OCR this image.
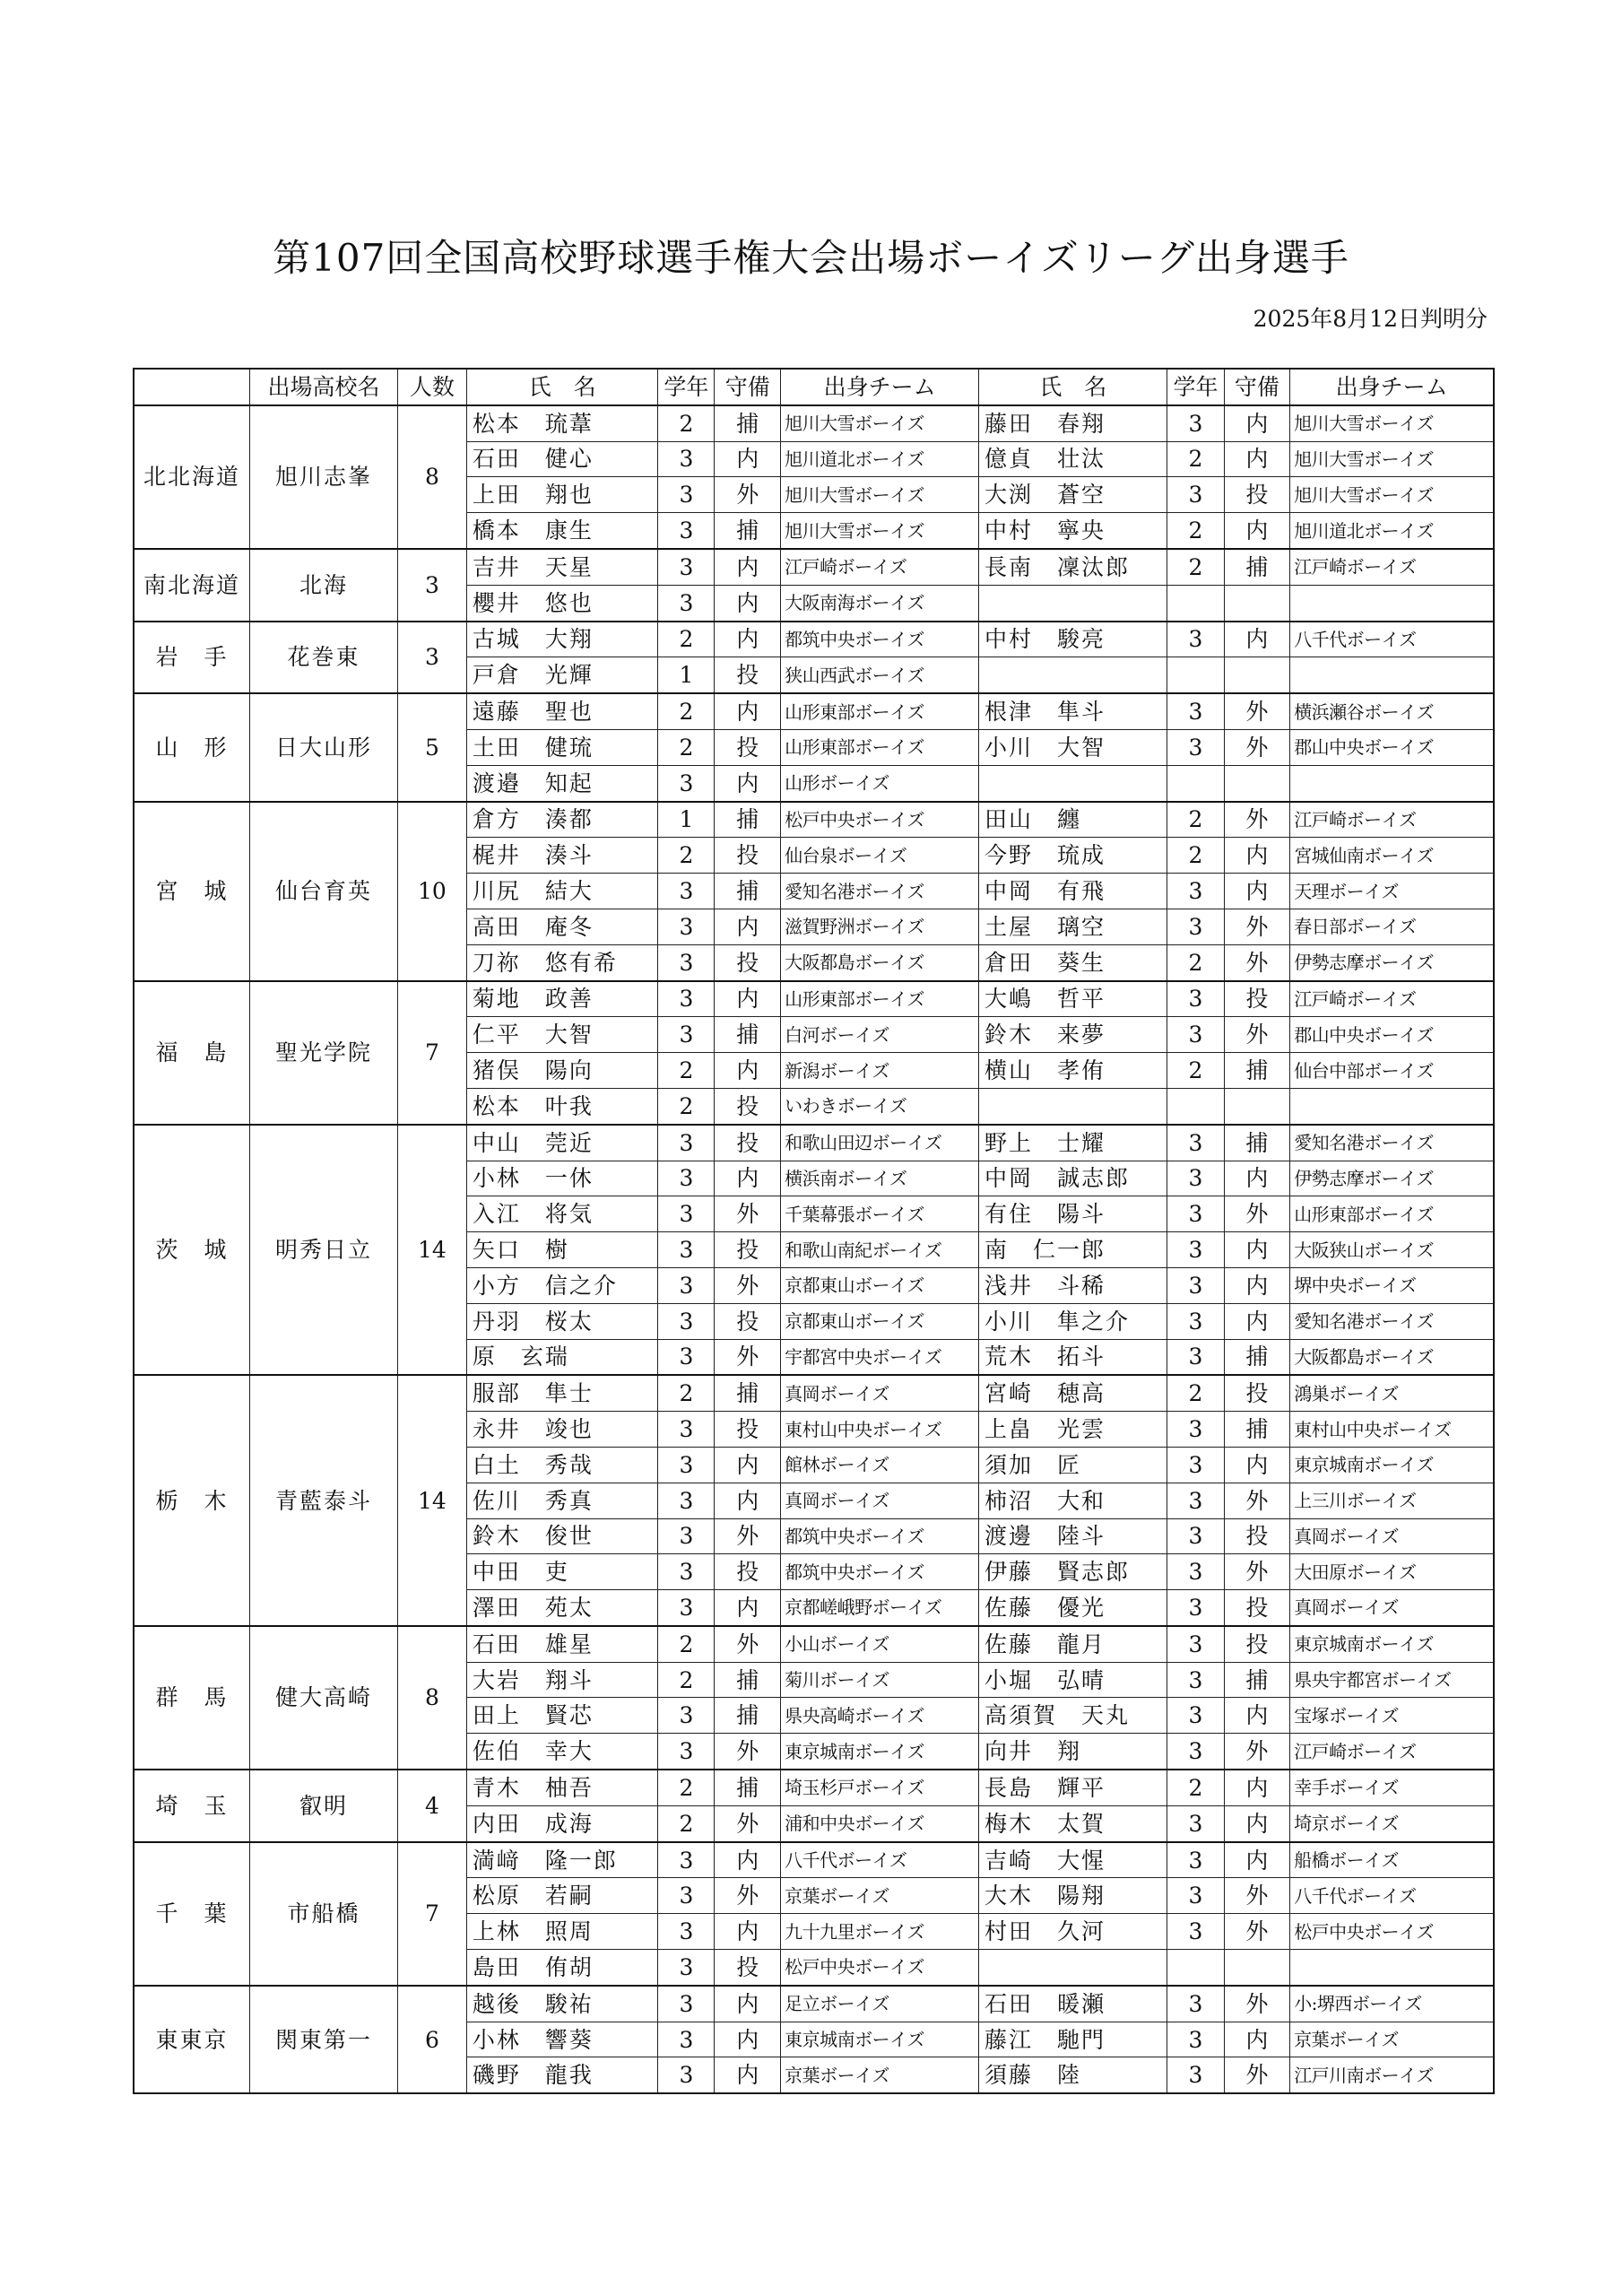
第107回全国高校野球選手権大会出場ボーイズリーグ出身選手
2025年8月12日判明分
	出場高校名	人数	氏　名	学年	守備	出身チーム	氏　名	学年	守備	出身チーム
北北海道	旭川志峯	8	松本　琉葦	2	捕	旭川大雪ボーイズ	藤田　春翔	3	内	旭川大雪ボーイズ
			石田　健心	3	内	旭川道北ボーイズ	億貞　壮汰	2	内	旭川大雪ボーイズ
			上田　翔也	3	外	旭川大雪ボーイズ	大渕　蒼空	3	投	旭川大雪ボーイズ
			橋本　康生	3	捕	旭川大雪ボーイズ	中村　寧央	2	内	旭川道北ボーイズ
南北海道	北海	3	吉井　天星	3	内	江戸崎ボーイズ	長南　凜汰郎	2	捕	江戸崎ボーイズ
			櫻井　悠也	3	内	大阪南海ボーイズ				
岩　手	花巻東	3	古城　大翔	2	内	都筑中央ボーイズ	中村　駿亮	3	内	八千代ボーイズ
			戸倉　光輝	1	投	狭山西武ボーイズ				
山　形	日大山形	5	遠藤　聖也	2	内	山形東部ボーイズ	根津　隼斗	3	外	横浜瀬谷ボーイズ
			土田　健琉	2	投	山形東部ボーイズ	小川　大智	3	外	郡山中央ボーイズ
			渡邉　知起	3	内	山形ボーイズ				
宮　城	仙台育英	10	倉方　湊都	1	捕	松戸中央ボーイズ	田山　纏	2	外	江戸崎ボーイズ
			梶井　湊斗	2	投	仙台泉ボーイズ	今野　琉成	2	内	宮城仙南ボーイズ
			川尻　結大	3	捕	愛知名港ボーイズ	中岡　有飛	3	内	天理ボーイズ
			高田　庵冬	3	内	滋賀野洲ボーイズ	土屋　璃空	3	外	春日部ボーイズ
			刀祢　悠有希	3	投	大阪都島ボーイズ	倉田　葵生	2	外	伊勢志摩ボーイズ
福　島	聖光学院	7	菊地　政善	3	内	山形東部ボーイズ	大嶋　哲平	3	投	江戸崎ボーイズ
			仁平　大智	3	捕	白河ボーイズ	鈴木　来夢	3	外	郡山中央ボーイズ
			猪俣　陽向	2	内	新潟ボーイズ	横山　孝侑	2	捕	仙台中部ボーイズ
			松本　叶我	2	投	いわきボーイズ				
茨　城	明秀日立	14	中山　莞近	3	投	和歌山田辺ボーイズ	野上　士耀	3	捕	愛知名港ボーイズ
			小林　一休	3	内	横浜南ボーイズ	中岡　誠志郎	3	内	伊勢志摩ボーイズ
			入江　将気	3	外	千葉幕張ボーイズ	有住　陽斗	3	外	山形東部ボーイズ
			矢口　樹	3	投	和歌山南紀ボーイズ	南　仁一郎	3	内	大阪狭山ボーイズ
			小方　信之介	3	外	京都東山ボーイズ	浅井　斗稀	3	内	堺中央ボーイズ
			丹羽　桜太	3	投	京都東山ボーイズ	小川　隼之介	3	内	愛知名港ボーイズ
			原　玄瑞	3	外	宇都宮中央ボーイズ	荒木　拓斗	3	捕	大阪都島ボーイズ
栃　木	青藍泰斗	14	服部　隼士	2	捕	真岡ボーイズ	宮崎　穂高	2	投	鴻巣ボーイズ
			永井　竣也	3	投	東村山中央ボーイズ	上畠　光雲	3	捕	東村山中央ボーイズ
			白土　秀哉	3	内	館林ボーイズ	須加　匠	3	内	東京城南ボーイズ
			佐川　秀真	3	内	真岡ボーイズ	柿沼　大和	3	外	上三川ボーイズ
			鈴木　俊世	3	外	都筑中央ボーイズ	渡邊　陸斗	3	投	真岡ボーイズ
			中田　吏	3	投	都筑中央ボーイズ	伊藤　賢志郎	3	外	大田原ボーイズ
			澤田　苑太	3	内	京都嵯峨野ボーイズ	佐藤　優光	3	投	真岡ボーイズ
群　馬	健大高崎	8	石田　雄星	2	外	小山ボーイズ	佐藤　龍月	3	投	東京城南ボーイズ
			大岩　翔斗	2	捕	菊川ボーイズ	小堀　弘晴	3	捕	県央宇都宮ボーイズ
			田上　賢芯	3	捕	県央高崎ボーイズ	高須賀　天丸	3	内	宝塚ボーイズ
			佐伯　幸大	3	外	東京城南ボーイズ	向井　翔	3	外	江戸崎ボーイズ
埼　玉	叡明	4	青木　柚吾	2	捕	埼玉杉戸ボーイズ	長島　輝平	2	内	幸手ボーイズ
			内田　成海	2	外	浦和中央ボーイズ	梅木　太賀	3	内	埼京ボーイズ
千　葉	市船橋	7	満﨑　隆一郎	3	内	八千代ボーイズ	吉崎　大惺	3	内	船橋ボーイズ
			松原　若嗣	3	外	京葉ボーイズ	大木　陽翔	3	外	八千代ボーイズ
			上林　照周	3	内	九十九里ボーイズ	村田　久河	3	外	松戸中央ボーイズ
			島田　侑胡	3	投	松戸中央ボーイズ				
東東京	関東第一	6	越後　駿祐	3	内	足立ボーイズ	石田　暖瀬	3	外	小:堺西ボーイズ
			小林　響葵	3	内	東京城南ボーイズ	藤江　馳門	3	内	京葉ボーイズ
			磯野　龍我	3	内	京葉ボーイズ	須藤　陸	3	外	江戸川南ボーイズ
